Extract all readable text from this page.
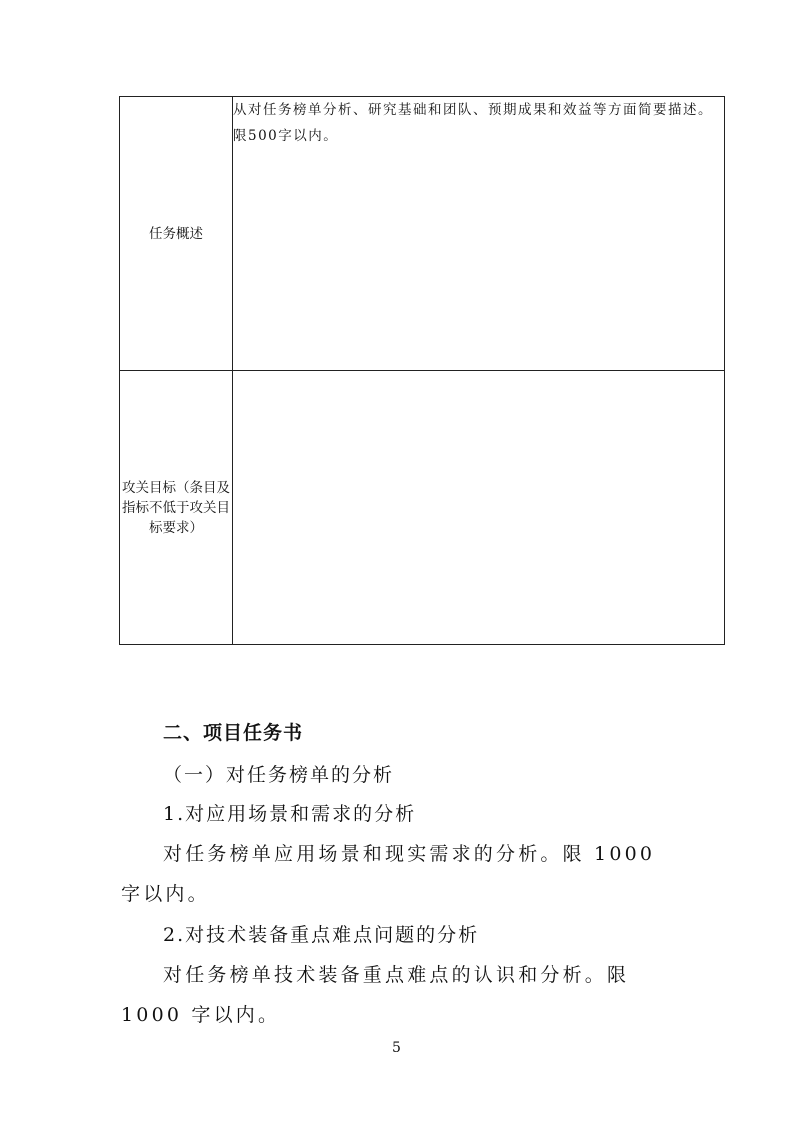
任务概述	从对任务榜单分析、研究基础和团队、预期成果和效益等方面简要描述。限500字以内。
攻关目标（条目及指标不低于攻关目标要求）	
二、项目任务书
（一）对任务榜单的分析
1.对应用场景和需求的分析
对任务榜单应用场景和现实需求的分析。限 1000 字以内。
2.对技术装备重点难点问题的分析
对任务榜单技术装备重点难点的认识和分析。限 1000 字以内。
5
